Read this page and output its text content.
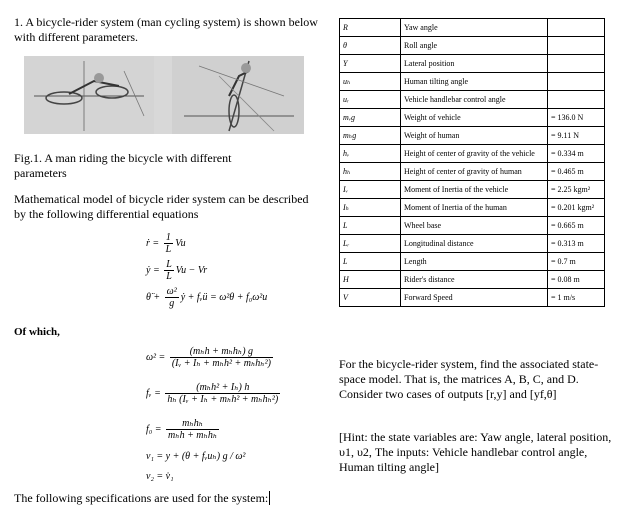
1. A bicycle-rider system (man cycling system) is shown below with different parameters.
Fig.1. A man riding the bicycle with different parameters
Mathematical model of bicycle rider system can be described by the following differential equations
ṙ = $\frac{1}{L}$ Vu
ẏ = $\frac{L}{L}$ Vu − Vr
θ̈ + $\frac{\text{ω²}}{g}$ ẏ + fᵥü = ω²θ + f₀ω²u
Of which,
$\omega^2 = \frac{\text{(mₕh + mₕhₕ) g}}{\text{(Iᵥ + Iₕ + mₕh² + mₕhₕ²)}}$
fᵥ = $\frac{\text{(mₕh² + Iₕ) h}}{\text{hₕ (Iᵥ + Iₕ + mₕh² + mₕhₕ²)}}$
$f_0 = \frac{\text{mₕhₕ}}{\text{mₕh + mₕhₕ}}$
v₁ = y + (θ + fᵥuₕ) g / ω²
v₂ = v̇₁
The following specifications are used for the system:
R	Yaw angle	
θ	Roll angle	
Y	Lateral position	
uₕ	Human tilting angle	
uᵣ	Vehicle handlebar control angle	
mᵥg	Weight of vehicle	= 136.0 N
mₕg	Weight of human	= 9.11 N
hᵥ	Height of center of gravity of the vehicle	= 0.334 m
hₕ	Height of center of gravity of human	= 0.465 m
Iᵥ	Moment of Inertia of the vehicle	= 2.25 kgm²
Iₕ	Moment of Inertia of the human	= 0.201 kgm²
L	Wheel base	= 0.665 m
Lᵣ	Longitudinal distance	= 0.313 m
L	Length	= 0.7 m
H	Rider's distance	= 0.08 m
V	Forward Speed	= 1 m/s
For the bicycle-rider system, find the associated state-space model. That is, the matrices A, B, C, and D. Consider two cases of outputs [r,y] and [yf,θ]
[Hint: the state variables are: Yaw angle, lateral position, υ1, υ2, The inputs: Vehicle handlebar control angle, Human tilting angle]
